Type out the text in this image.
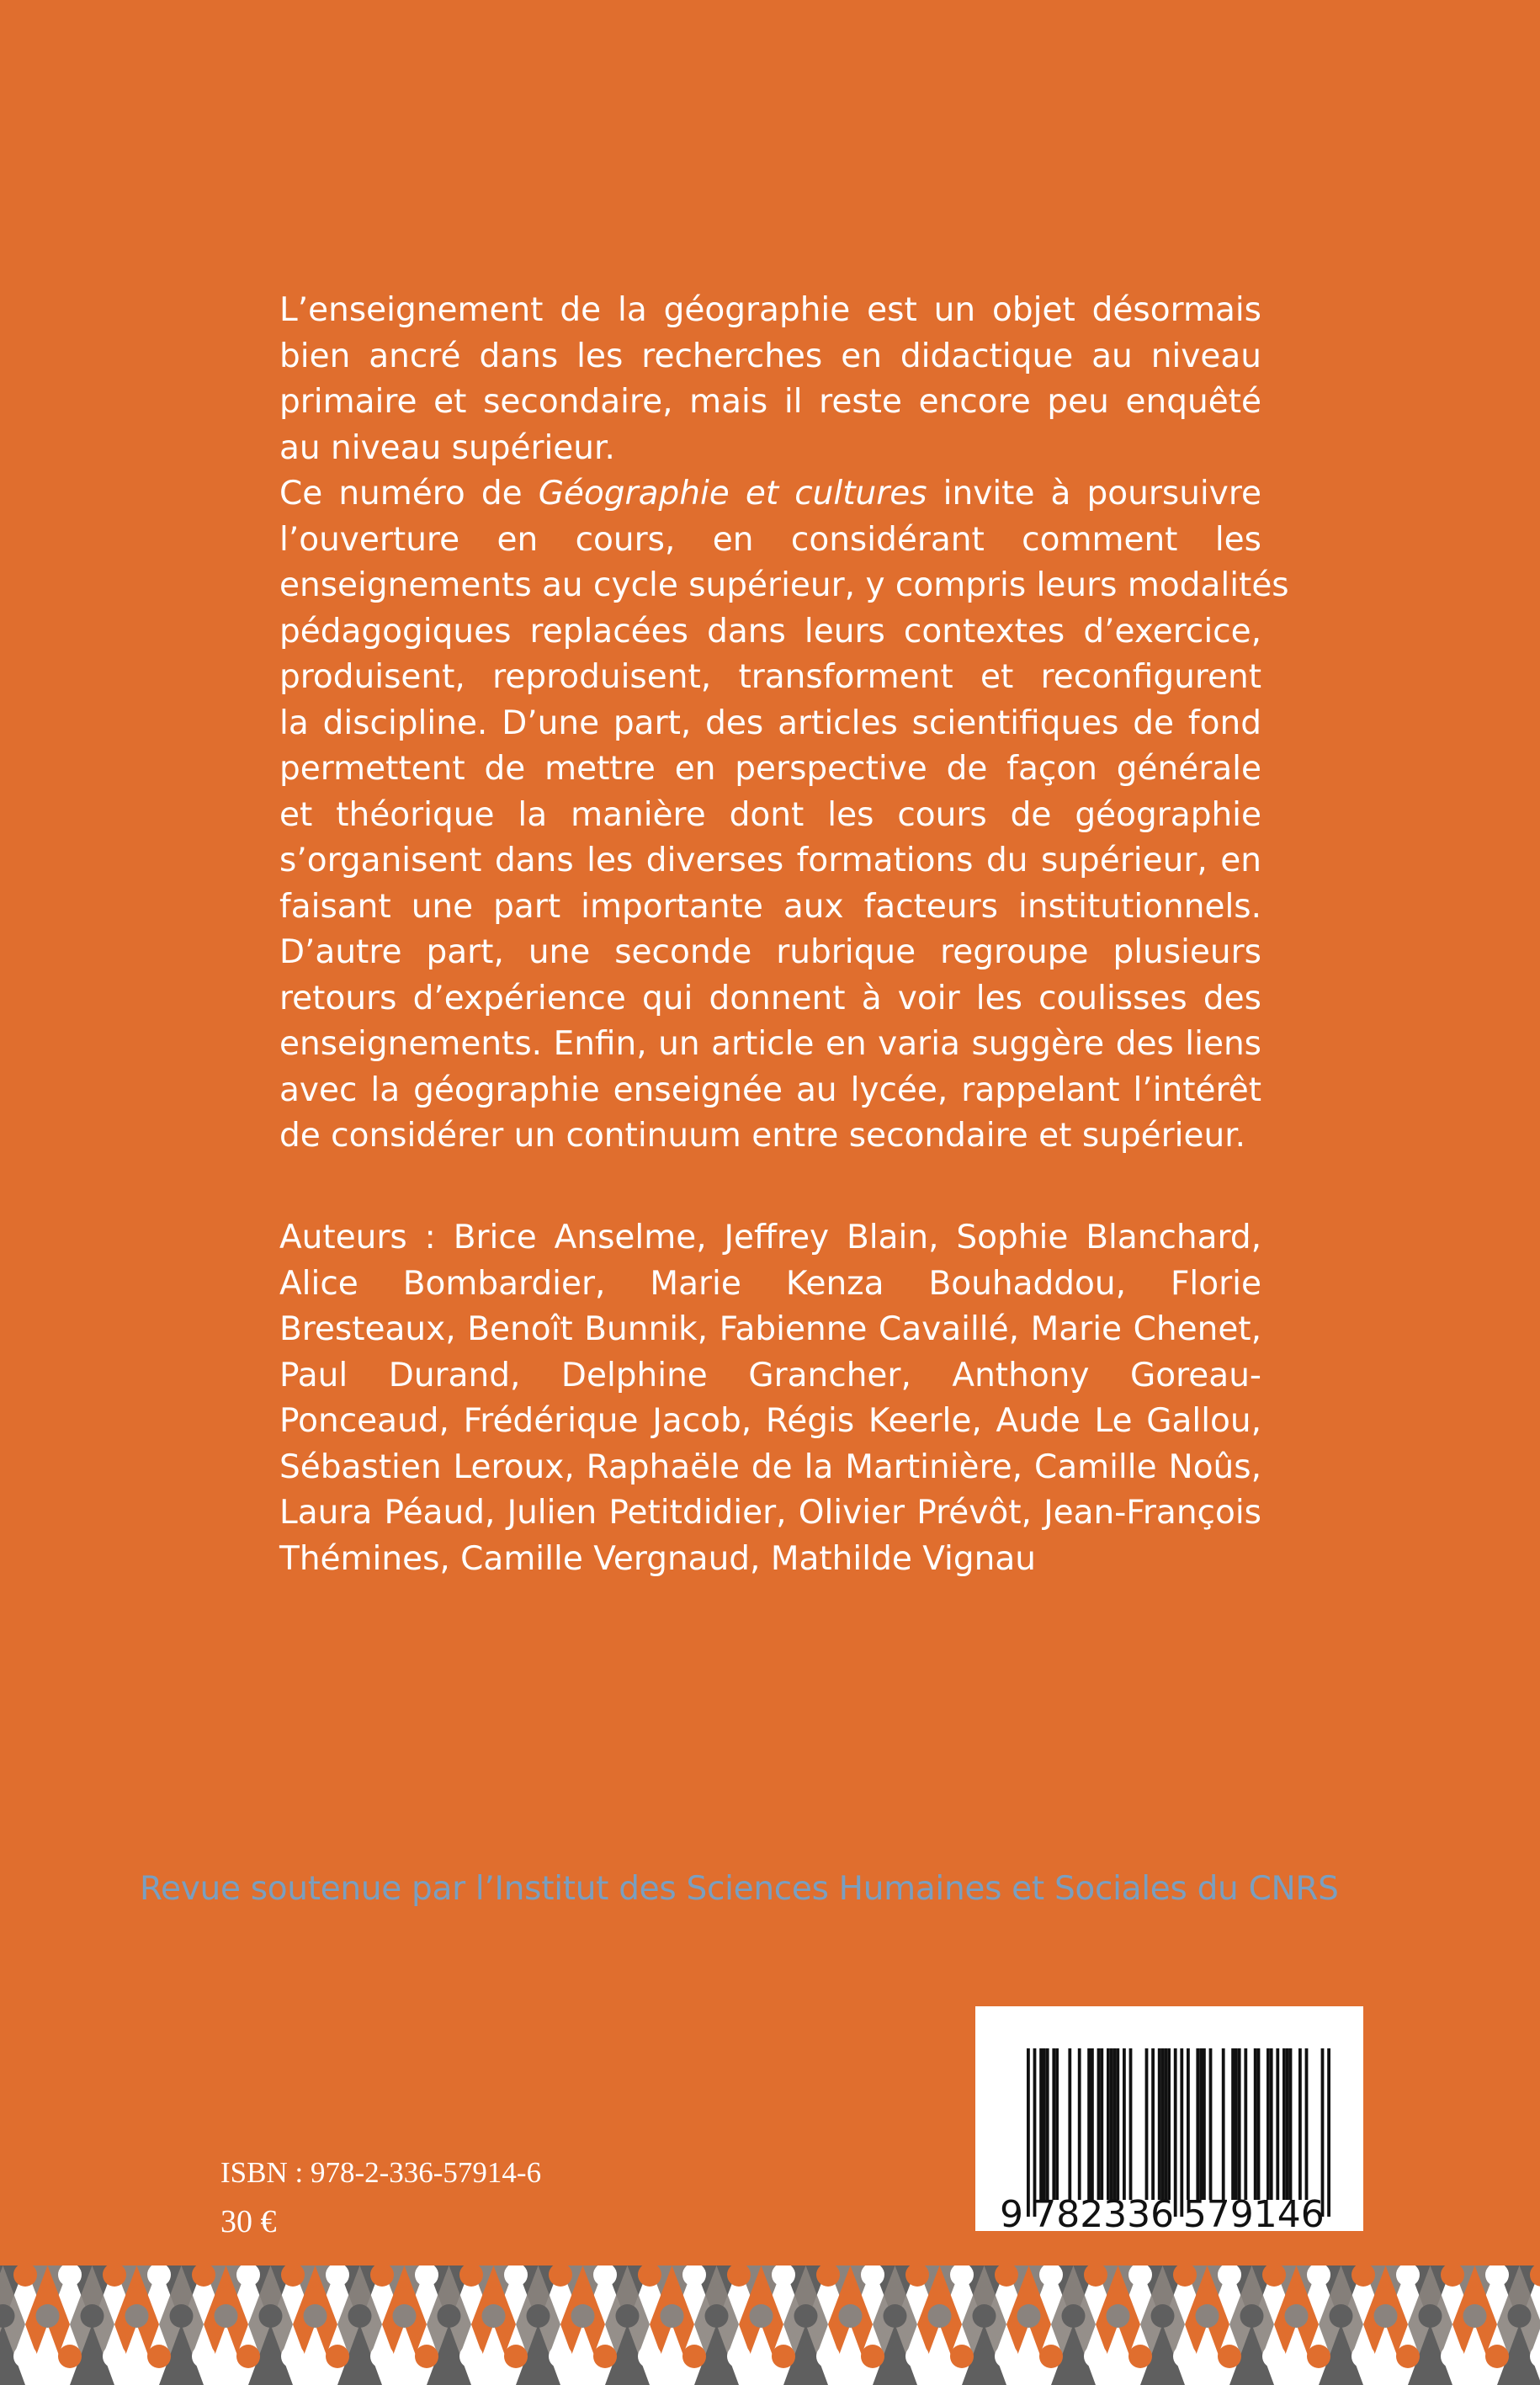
L’enseignement de la géographie est un objet désormais
bien ancré dans les recherches en didactique au niveau
primaire et secondaire, mais il reste encore peu enquêté
au niveau supérieur.
Ce numéro de Géographie et cultures invite à poursuivre
l’ouverture en cours, en considérant comment les
enseignements au cycle supérieur, y compris leurs modalités
pédagogiques replacées dans leurs contextes d’exercice,
produisent, reproduisent, transforment et reconfigurent
la discipline. D’une part, des articles scientifiques de fond
permettent de mettre en perspective de façon générale
et théorique la manière dont les cours de géographie
s’organisent dans les diverses formations du supérieur, en
faisant une part importante aux facteurs institutionnels.
D’autre part, une seconde rubrique regroupe plusieurs
retours d’expérience qui donnent à voir les coulisses des
enseignements. Enfin, un article en varia suggère des liens
avec la géographie enseignée au lycée, rappelant l’intérêt
de considérer un continuum entre secondaire et supérieur.
Auteurs : Brice Anselme, Jeffrey Blain, Sophie Blanchard,
Alice Bombardier, Marie Kenza Bouhaddou, Florie
Bresteaux, Benoît Bunnik, Fabienne Cavaillé, Marie Chenet,
Paul Durand, Delphine Grancher, Anthony Goreau-
Ponceaud, Frédérique Jacob, Régis Keerle, Aude Le Gallou,
Sébastien Leroux, Raphaële de la Martinière, Camille Noûs,
Laura Péaud, Julien Petitdidier, Olivier Prévôt, Jean-François
Thémines, Camille Vergnaud, Mathilde Vignau
Revue soutenue par l’Institut des Sciences Humaines et Sociales du CNRS
ISBN : 978-2-336-57914-6
30 €	9 782336 579146
